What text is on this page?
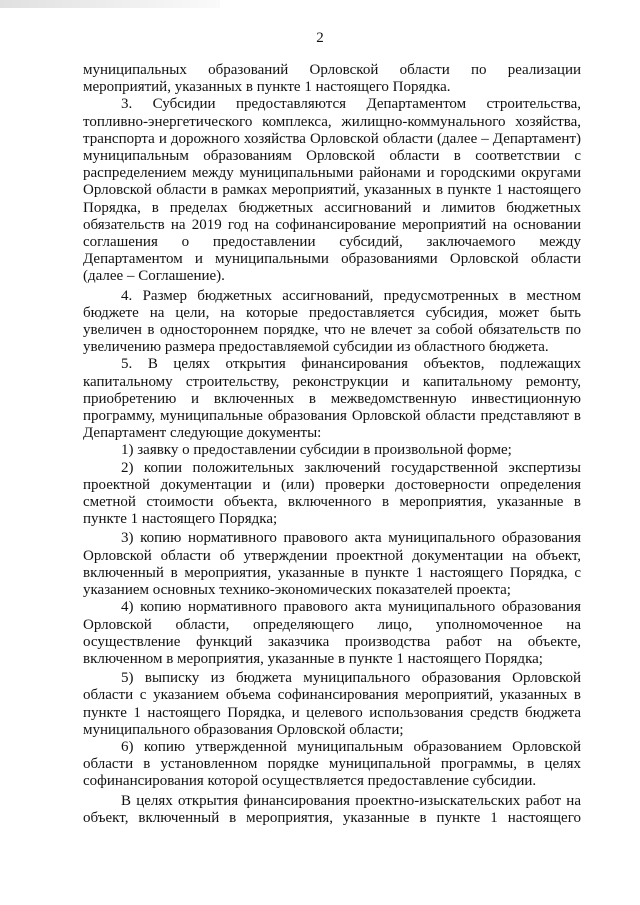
2

муниципальных образований Орловской области по реализации мероприятий, указанных в пункте 1 настоящего Порядка.

3. Субсидии предоставляются Департаментом строительства, топливно-энергетического комплекса, жилищно-коммунального хозяйства, транспорта и дорожного хозяйства Орловской области (далее – Департамент) муниципальным образованиям Орловской области в соответствии с распределением между муниципальными районами и городскими округами Орловской области в рамках мероприятий, указанных в пункте 1 настоящего Порядка, в пределах бюджетных ассигнований и лимитов бюджетных обязательств на 2019 год на софинансирование мероприятий на основании соглашения о предоставлении субсидий, заключаемого между Департаментом и муниципальными образованиями Орловской области (далее – Соглашение).

4. Размер бюджетных ассигнований, предусмотренных в местном бюджете на цели, на которые предоставляется субсидия, может быть увеличен в одностороннем порядке, что не влечет за собой обязательств по увеличению размера предоставляемой субсидии из областного бюджета.

5. В целях открытия финансирования объектов, подлежащих капитальному строительству, реконструкции и капитальному ремонту, приобретению и включенных в межведомственную инвестиционную программу, муниципальные образования Орловской области представляют в Департамент следующие документы:

1) заявку о предоставлении субсидии в произвольной форме;

2) копии положительных заключений государственной экспертизы проектной документации и (или) проверки достоверности определения сметной стоимости объекта, включенного в мероприятия, указанные в пункте 1 настоящего Порядка;

3) копию нормативного правового акта муниципального образования Орловской области об утверждении проектной документации на объект, включенный в мероприятия, указанные в пункте 1 настоящего Порядка, с указанием основных технико-экономических показателей проекта;

4) копию нормативного правового акта муниципального образования Орловской области, определяющего лицо, уполномоченное на осуществление функций заказчика производства работ на объекте, включенном в мероприятия, указанные в пункте 1 настоящего Порядка;

5) выписку из бюджета муниципального образования Орловской области с указанием объема софинансирования мероприятий, указанных в пункте 1 настоящего Порядка, и целевого использования средств бюджета муниципального образования Орловской области;

6) копию утвержденной муниципальным образованием Орловской области в установленном порядке муниципальной программы, в целях софинансирования которой осуществляется предоставление субсидии.

В целях открытия финансирования проектно-изыскательских работ на объект, включенный в мероприятия, указанные в пункте 1 настоящего
